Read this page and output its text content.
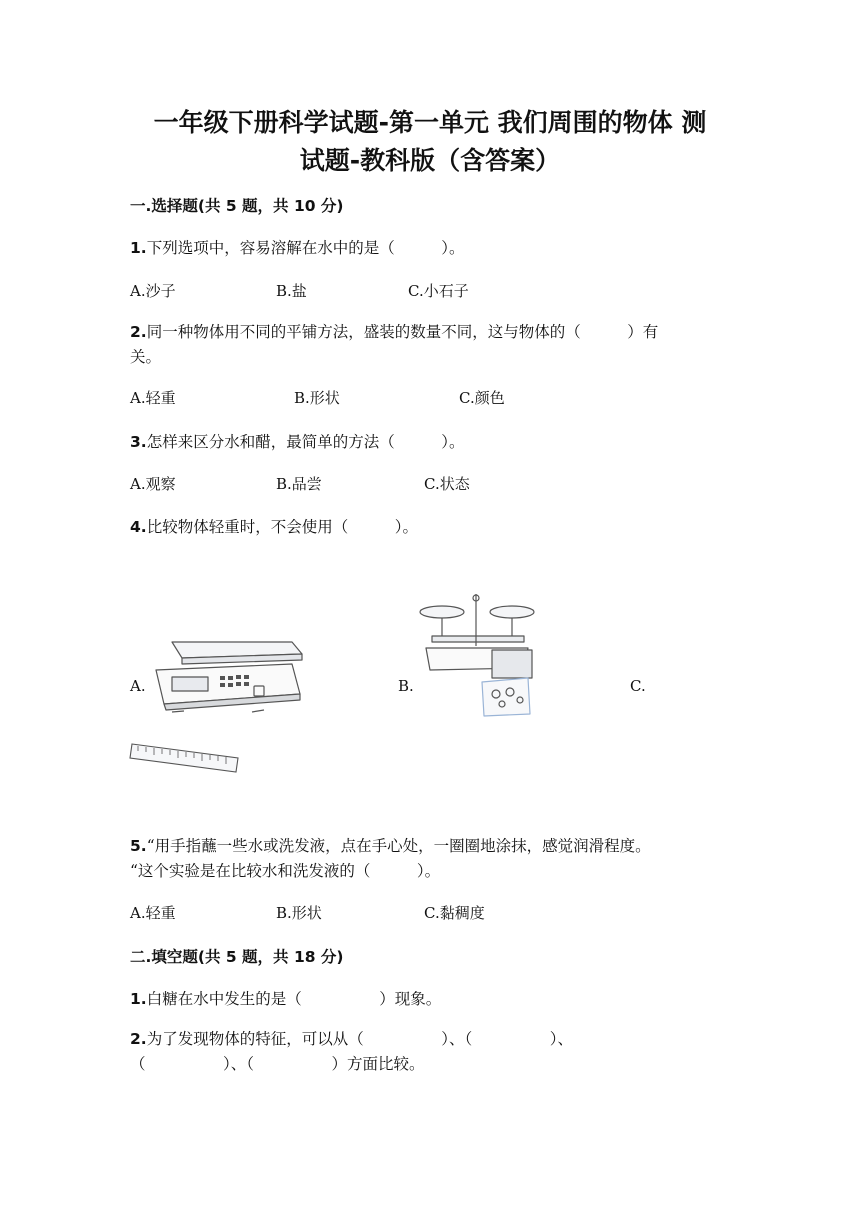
一年级下册科学试题-第一单元 我们周围的物体 测
试题-教科版（含答案）
一.选择题(共 5 题，共 10 分)
1.下列选项中，容易溶解在水中的是（　　　）。
A.沙子	B.盐	C.小石子
2.同一种物体用不同的平铺方法，盛装的数量不同，这与物体的（　　　）有
关。
A.轻重	B.形状	C.颜色
3.怎样来区分水和醋，最简单的方法（　　　）。
A.观察	B.品尝	C.状态
4.比较物体轻重时，不会使用（　　　）。
A.	B.	C.
5.“用手指蘸一些水或洗发液，点在手心处，一圈圈地涂抹，感觉润滑程度。
“这个实验是在比较水和洗发液的（　　　）。
A.轻重	B.形状	C.黏稠度
二.填空题(共 5 题，共 18 分)
1.白糖在水中发生的是（　　　　　）现象。
2.为了发现物体的特征，可以从（　　　　　）、（　　　　　）、
（　　　　　）、（　　　　　）方面比较。
